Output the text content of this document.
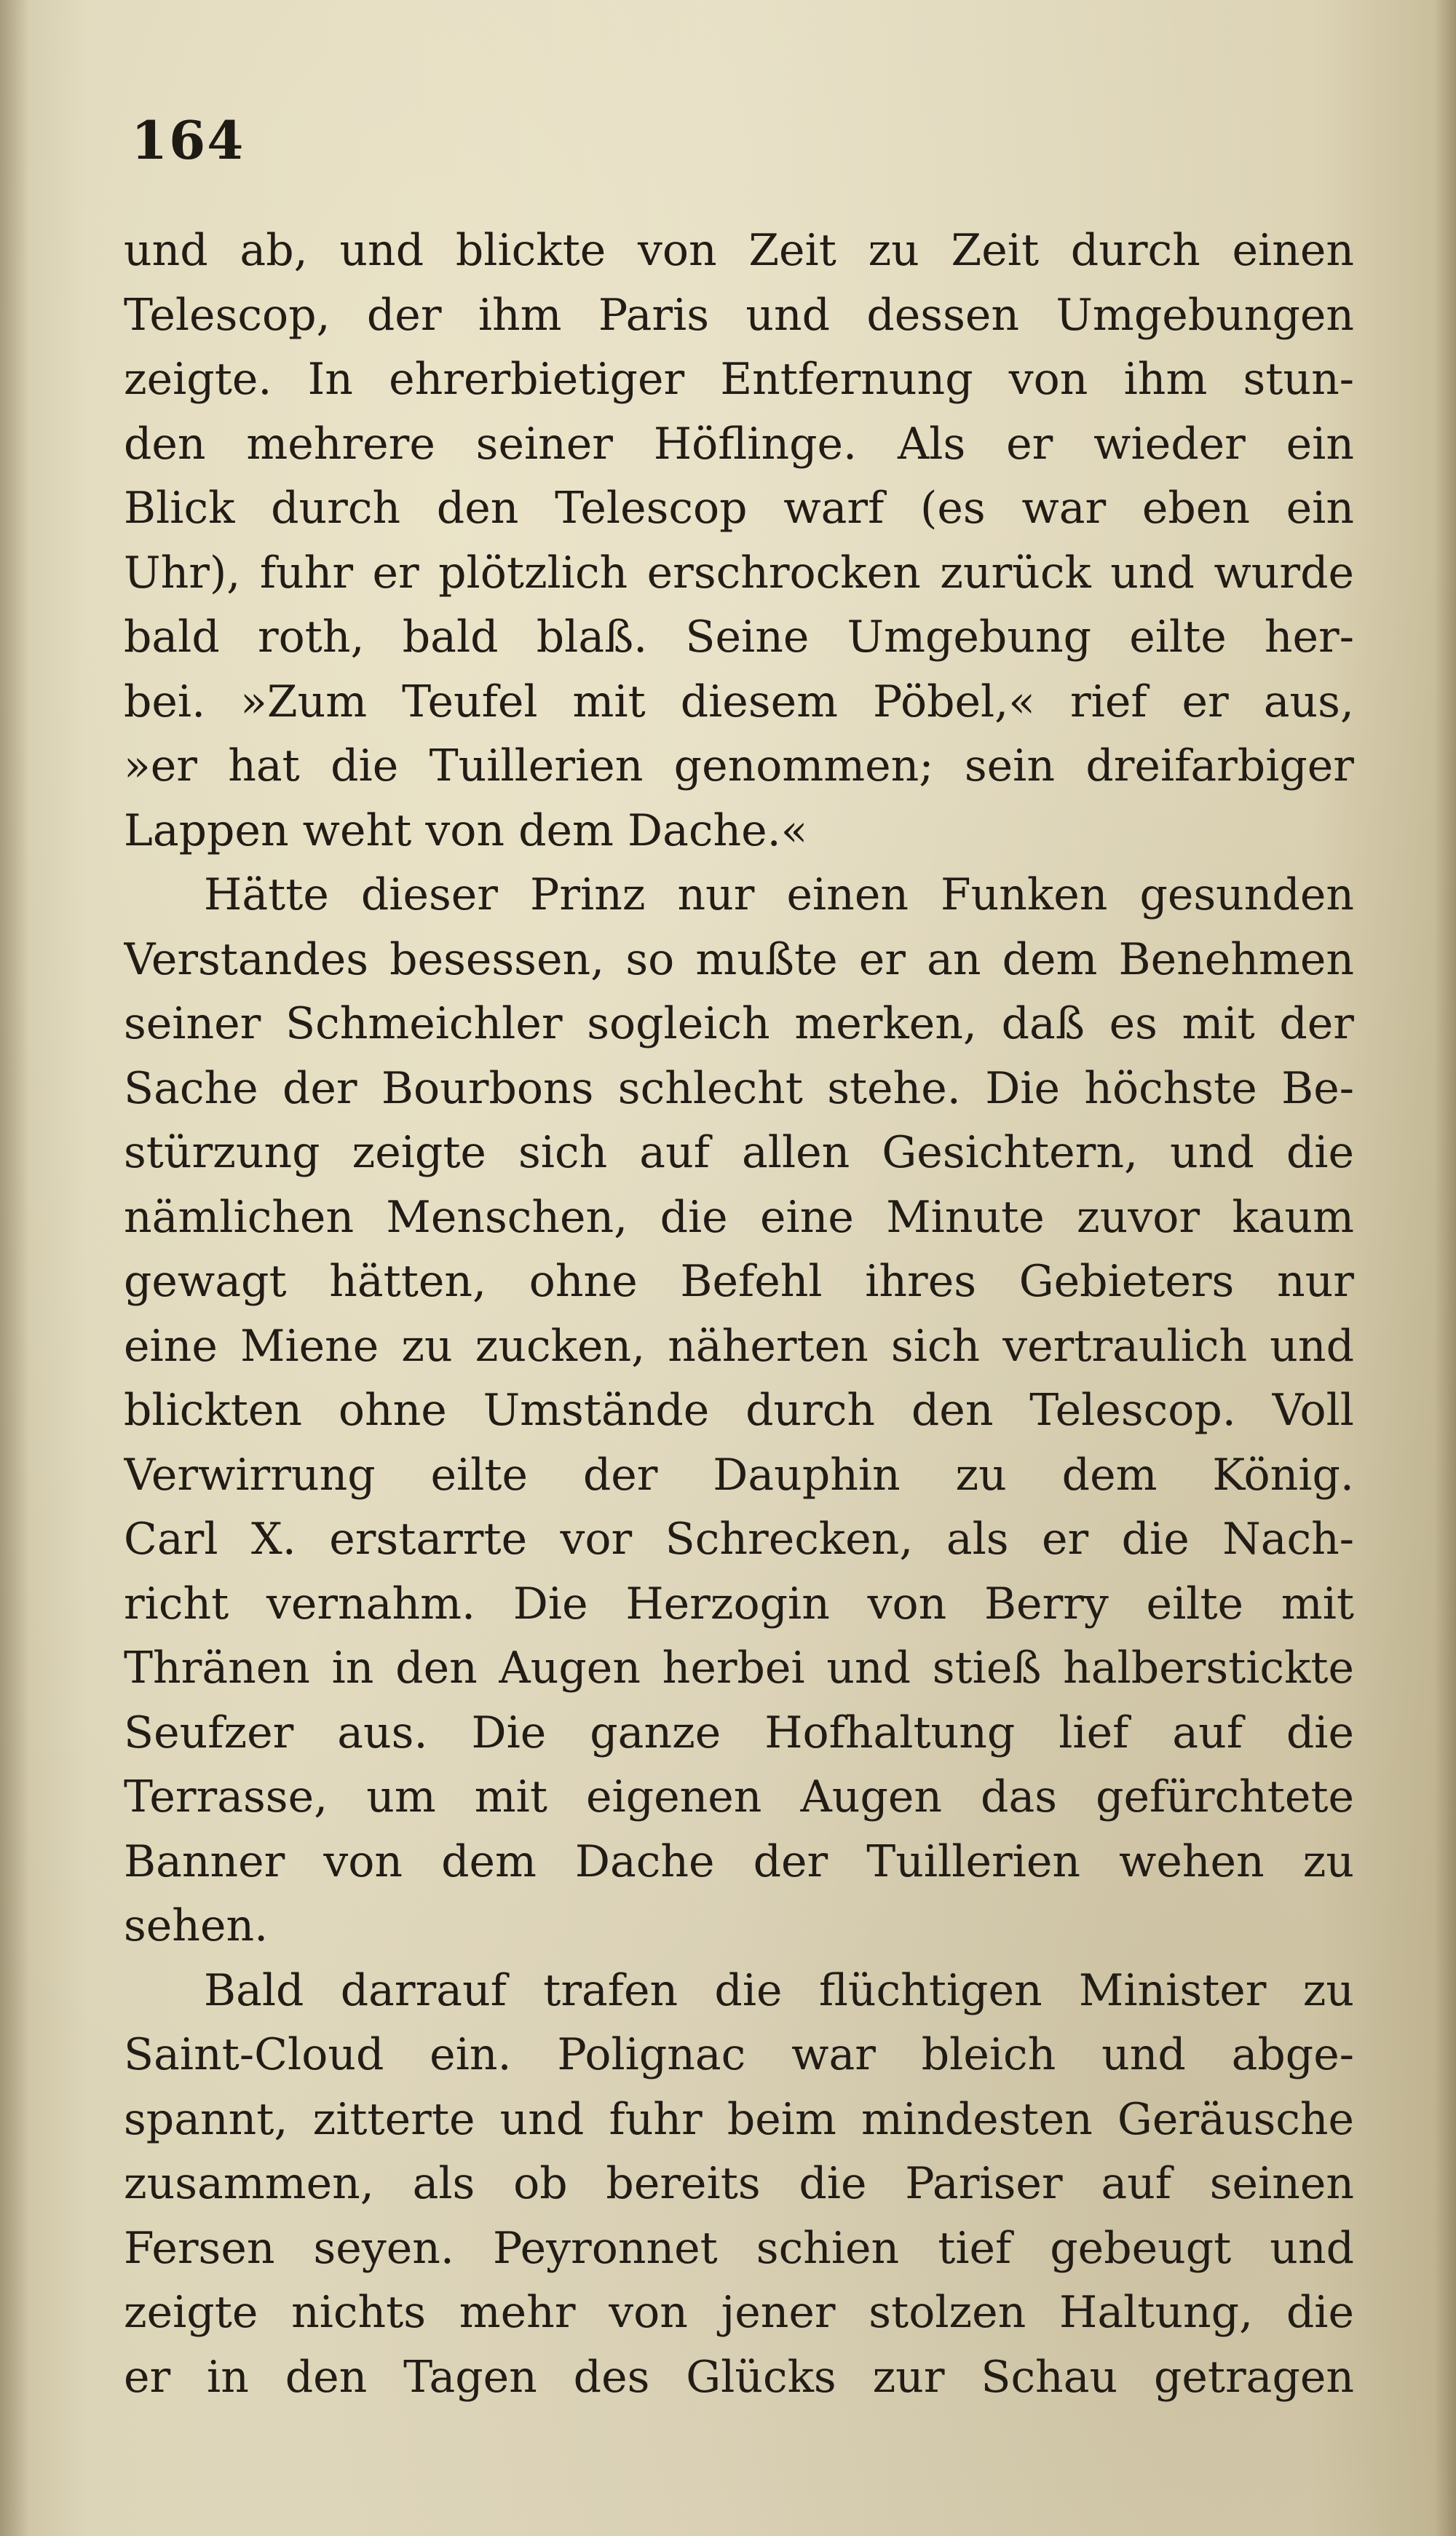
164
und ab, und blickte von Zeit zu Zeit durch einen
Telescop, der ihm Paris und dessen Umgebungen
zeigte. In ehrerbietiger Entfernung von ihm stun-
den mehrere seiner Höflinge. Als er wieder ein
Blick durch den Telescop warf (es war eben ein
Uhr), fuhr er plötzlich erschrocken zurück und wurde
bald roth, bald blaß. Seine Umgebung eilte her-
bei. »Zum Teufel mit diesem Pöbel,« rief er aus,
»er hat die Tuillerien genommen; sein dreifarbiger
Lappen weht von dem Dache.«
Hätte dieser Prinz nur einen Funken gesunden
Verstandes besessen, so mußte er an dem Benehmen
seiner Schmeichler sogleich merken, daß es mit der
Sache der Bourbons schlecht stehe. Die höchste Be-
stürzung zeigte sich auf allen Gesichtern, und die
nämlichen Menschen, die eine Minute zuvor kaum
gewagt hätten, ohne Befehl ihres Gebieters nur
eine Miene zu zucken, näherten sich vertraulich und
blickten ohne Umstände durch den Telescop. Voll
Verwirrung eilte der Dauphin zu dem König.
Carl X. erstarrte vor Schrecken, als er die Nach-
richt vernahm. Die Herzogin von Berry eilte mit
Thränen in den Augen herbei und stieß halberstickte
Seufzer aus. Die ganze Hofhaltung lief auf die
Terrasse, um mit eigenen Augen das gefürchtete
Banner von dem Dache der Tuillerien wehen zu
sehen.
Bald darrauf trafen die flüchtigen Minister zu
Saint-Cloud ein. Polignac war bleich und abge-
spannt, zitterte und fuhr beim mindesten Geräusche
zusammen, als ob bereits die Pariser auf seinen
Fersen seyen. Peyronnet schien tief gebeugt und
zeigte nichts mehr von jener stolzen Haltung, die
er in den Tagen des Glücks zur Schau getragen
